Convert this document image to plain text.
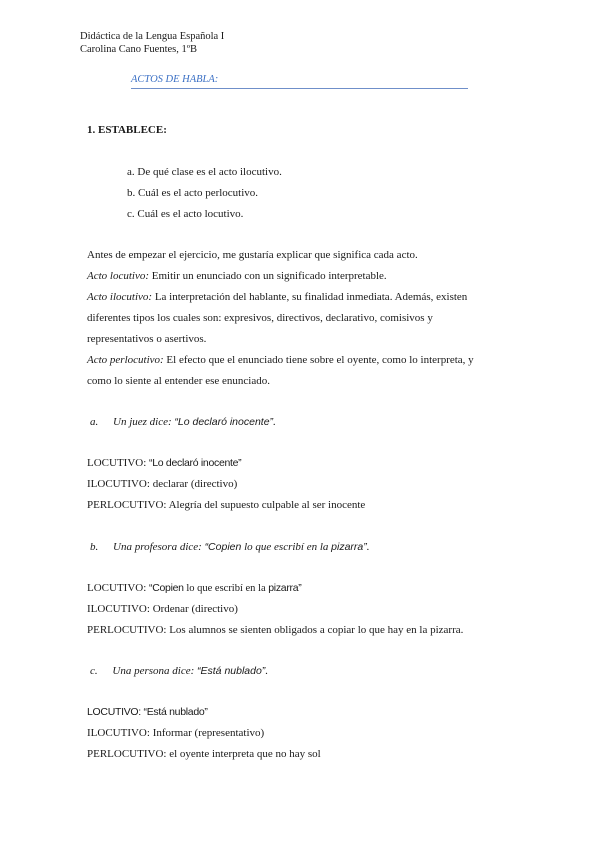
Didáctica de la Lengua Española I
Carolina Cano Fuentes, 1ºB
ACTOS DE HABLA:
1. ESTABLECE:
a. De qué clase es el acto ilocutivo.
b. Cuál es el acto perlocutivo.
c. Cuál es el acto locutivo.
Antes de empezar el ejercicio, me gustaría explicar que significa cada acto.
Acto locutivo: Emitir un enunciado con un significado interpretable.
Acto ilocutivo: La interpretación del hablante, su finalidad inmediata. Además, existen
diferentes tipos los cuales son: expresivos, directivos, declarativo, comisivos y
representativos o asertivos.
Acto perlocutivo: El efecto que el enunciado tiene sobre el oyente, como lo interpreta, y
como lo siente al entender ese enunciado.
a. Un juez dice: “Lo declaró inocente”.
LOCUTIVO: “Lo declaró inocente”
ILOCUTIVO: declarar (directivo)
PERLOCUTIVO: Alegría del supuesto culpable al ser inocente
b. Una profesora dice: “Copien lo que escribí en la pizarra”.
LOCUTIVO: “Copien lo que escribí en la pizarra”
ILOCUTIVO: Ordenar (directivo)
PERLOCUTIVO: Los alumnos se sienten obligados a copiar lo que hay en la pizarra.
c. Una persona dice: “Está nublado”.
LOCUTIVO: “Está nublado”
ILOCUTIVO: Informar (representativo)
PERLOCUTIVO: el oyente interpreta que no hay sol
